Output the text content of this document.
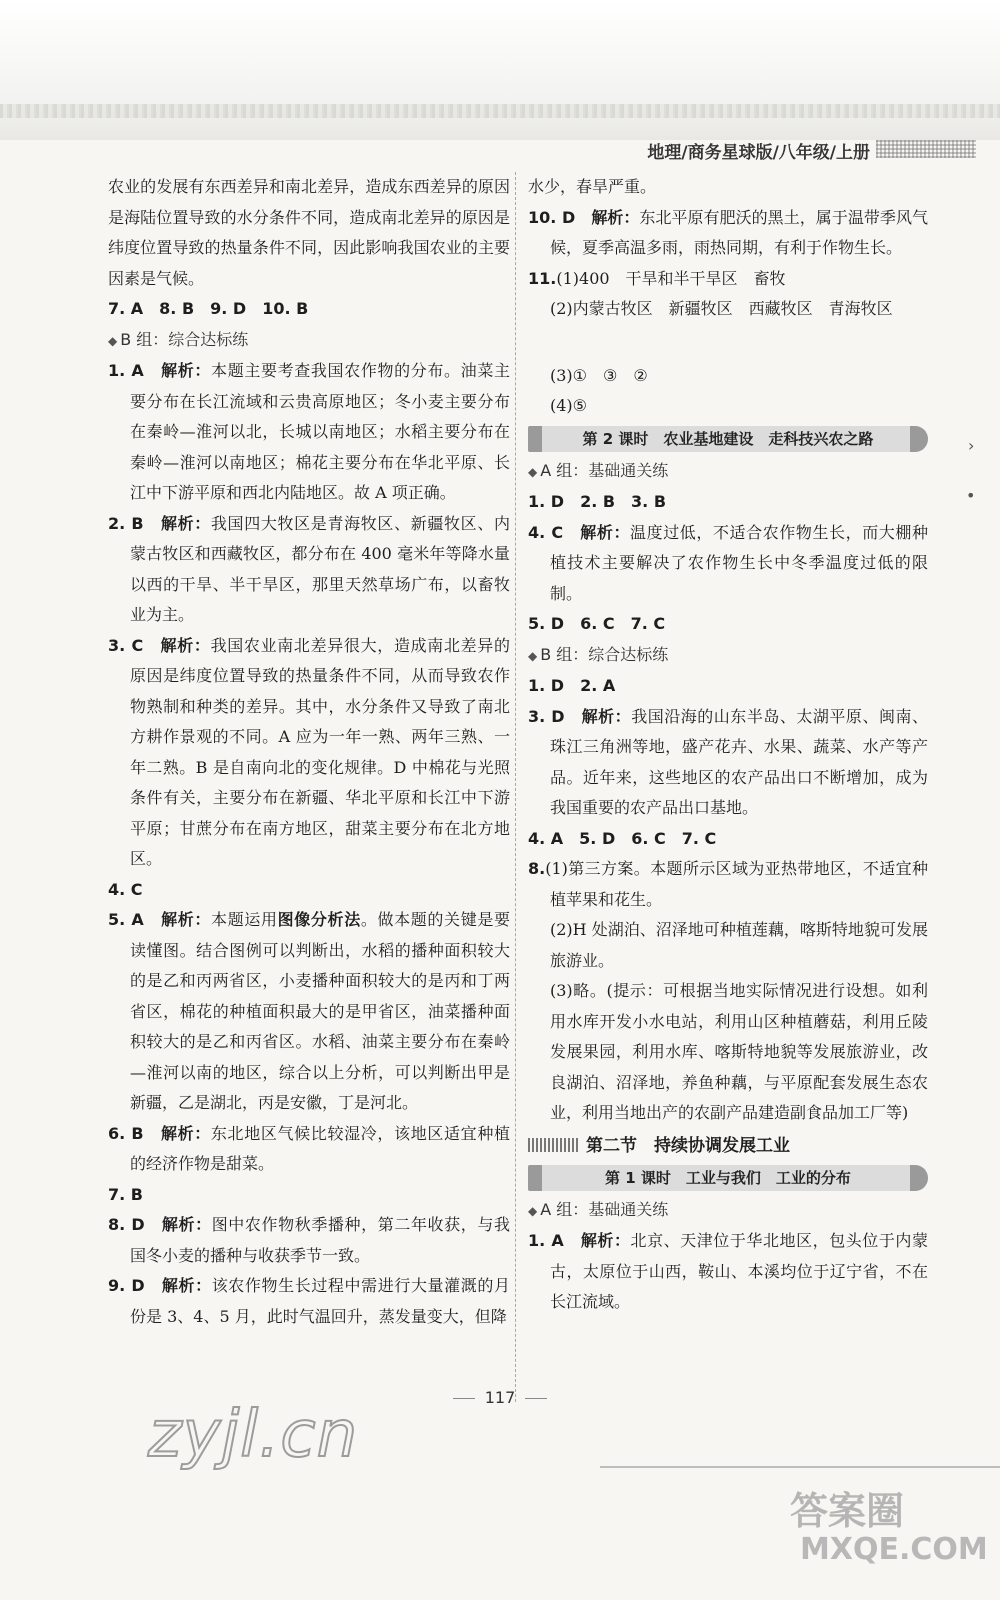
地理/商务星球版/八年级/上册

农业的发展有东西差异和南北差异，造成东西差异的原因是海陆位置导致的水分条件不同，造成南北差异的原因是纬度位置导致的热量条件不同，因此影响我国农业的主要因素是气候。

7. A　8. B　9. D　10. B

◆ B 组：综合达标练

1. A　 解析：本题主要考查我国农作物的分布。油菜主要分布在长江流域和云贵高原地区；冬小麦主要分布在秦岭—淮河以北，长城以南地区；水稻主要分布在秦岭—淮河以南地区；棉花主要分布在华北平原、长江中下游平原和西北内陆地区。故 A 项正确。

2. B　 解析：我国四大牧区是青海牧区、新疆牧区、内蒙古牧区和西藏牧区，都分布在 400 毫米年等降水量以西的干旱、半干旱区，那里天然草场广布，以畜牧业为主。

3. C　 解析：我国农业南北差异很大，造成南北差异的原因是纬度位置导致的热量条件不同，从而导致农作物熟制和种类的差异。其中，水分条件又导致了南北方耕作景观的不同。A 应为一年一熟、两年三熟、一年二熟。B 是自南向北的变化规律。D 中棉花与光照条件有关，主要分布在新疆、华北平原和长江中下游平原；甘蔗分布在南方地区，甜菜主要分布在北方地区。

4. C

5. A　 解析：本题运用图像分析法。做本题的关键是要读懂图。结合图例可以判断出，水稻的播种面积较大的是乙和丙两省区，小麦播种面积较大的是丙和丁两省区，棉花的种植面积最大的是甲省区，油菜播种面积较大的是乙和丙省区。水稻、油菜主要分布在秦岭—淮河以南的地区，综合以上分析，可以判断出甲是新疆，乙是湖北，丙是安徽，丁是河北。

6. B　 解析：东北地区气候比较湿冷，该地区适宜种植的经济作物是甜菜。

7. B

8. D　 解析：图中农作物秋季播种，第二年收获，与我国冬小麦的播种与收获季节一致。

9. D　 解析：该农作物生长过程中需进行大量灌溉的月份是 3、4、5 月，此时气温回升，蒸发量变大，但降

水少，春旱严重。

10. D　 解析：东北平原有肥沃的黑土，属于温带季风气候，夏季高温多雨，雨热同期，有利于作物生长。

11.(1)400　干旱和半干旱区　畜牧

(2)内蒙古牧区　新疆牧区　西藏牧区　青海牧区

(3)①　③　②

(4)⑤

第 2 课时　农业基地建设　走科技兴农之路

◆ A 组：基础通关练

1. D　2. B　3. B

4. C　 解析：温度过低，不适合农作物生长，而大棚种植技术主要解决了农作物生长中冬季温度过低的限制。

5. D　6. C　7. C

◆ B 组：综合达标练

1. D　2. A

3. D　 解析：我国沿海的山东半岛、太湖平原、闽南、珠江三角洲等地，盛产花卉、水果、蔬菜、水产等产品。近年来，这些地区的农产品出口不断增加，成为我国重要的农产品出口基地。

4. A　5. D　6. C　7. C

8.(1)第三方案。本题所示区域为亚热带地区，不适宜种植苹果和花生。

(2)H 处湖泊、沼泽地可种植莲藕，喀斯特地貌可发展旅游业。

(3)略。(提示：可根据当地实际情况进行设想。如利用水库开发小水电站，利用山区种植蘑菇，利用丘陵发展果园，利用水库、喀斯特地貌等发展旅游业，改良湖泊、沼泽地，养鱼种藕，与平原配套发展生态农业，利用当地出产的农副产品建造副食品加工厂等)

第二节　持续协调发展工业
第 1 课时　工业与我们　工业的分布

◆ A 组：基础通关练

1. A　 解析：北京、天津位于华北地区，包头位于内蒙古，太原位于山西，鞍山、本溪均位于辽宁省，不在长江流域。

›
•
117
zyjl.cn
答案圈
MXQE.COM
